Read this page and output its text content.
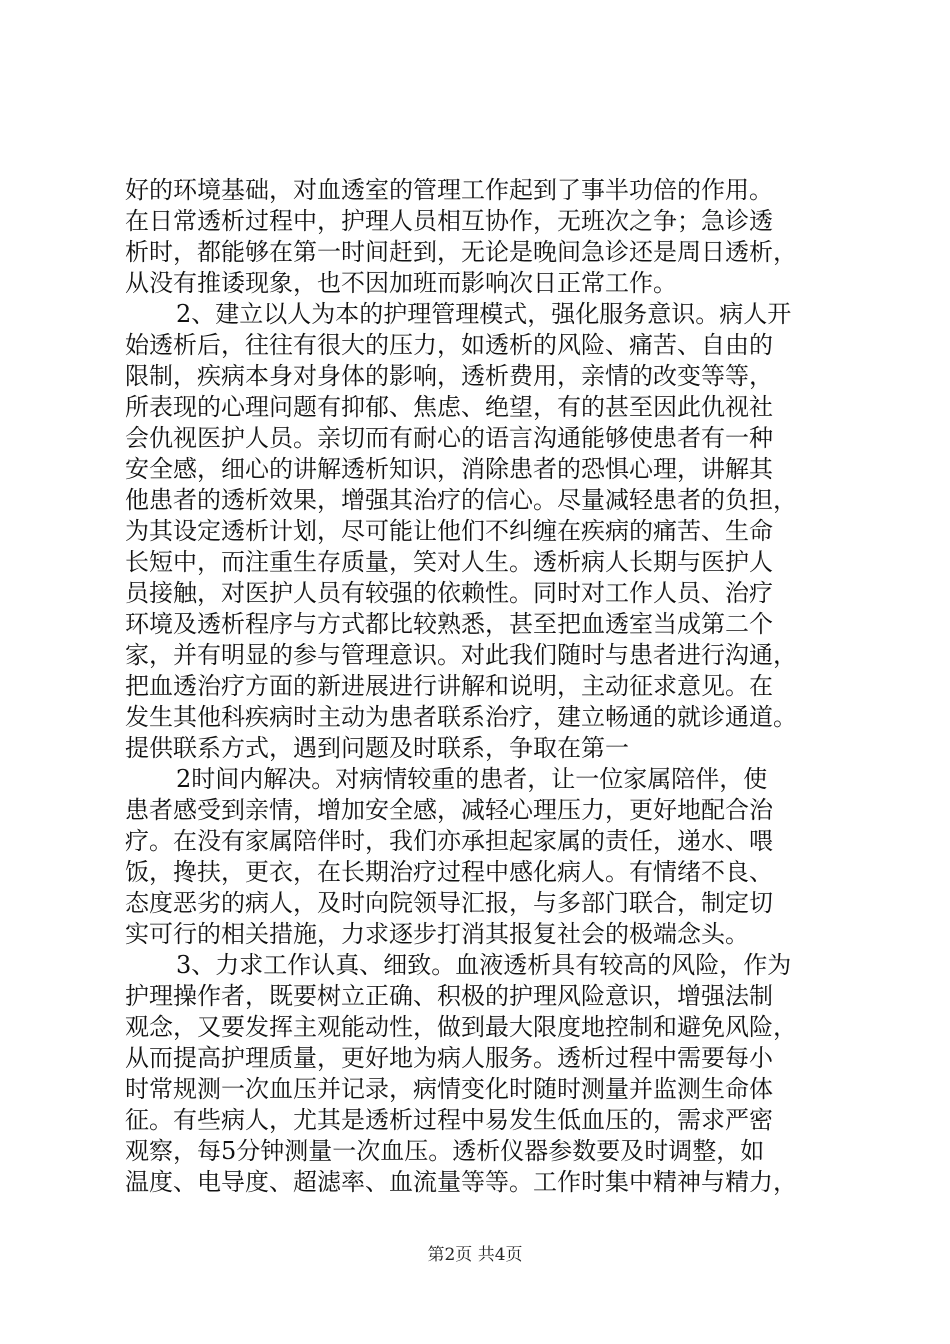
好的环境基础，对血透室的管理工作起到了事半功倍的作用。
在日常透析过程中，护理人员相互协作，无班次之争；急诊透
析时，都能够在第一时间赶到，无论是晚间急诊还是周日透析，
从没有推诿现象，也不因加班而影响次日正常工作。
2、建立以人为本的护理管理模式，强化服务意识。病人开
始透析后，往往有很大的压力，如透析的风险、痛苦、自由的
限制，疾病本身对身体的影响，透析费用，亲情的改变等等，
所表现的心理问题有抑郁、焦虑、绝望，有的甚至因此仇视社
会仇视医护人员。亲切而有耐心的语言沟通能够使患者有一种
安全感，细心的讲解透析知识，消除患者的恐惧心理，讲解其
他患者的透析效果，增强其治疗的信心。尽量减轻患者的负担，
为其设定透析计划，尽可能让他们不纠缠在疾病的痛苦、生命
长短中，而注重生存质量，笑对人生。透析病人长期与医护人
员接触，对医护人员有较强的依赖性。同时对工作人员、治疗
环境及透析程序与方式都比较熟悉，甚至把血透室当成第二个
家，并有明显的参与管理意识。对此我们随时与患者进行沟通，
把血透治疗方面的新进展进行讲解和说明，主动征求意见。在
发生其他科疾病时主动为患者联系治疗，建立畅通的就诊通道。
提供联系方式，遇到问题及时联系，争取在第一
2时间内解决。对病情较重的患者，让一位家属陪伴，使
患者感受到亲情，增加安全感，减轻心理压力，更好地配合治
疗。在没有家属陪伴时，我们亦承担起家属的责任，递水、喂
饭，搀扶，更衣，在长期治疗过程中感化病人。有情绪不良、
态度恶劣的病人，及时向院领导汇报，与多部门联合，制定切
实可行的相关措施，力求逐步打消其报复社会的极端念头。
3、力求工作认真、细致。血液透析具有较高的风险，作为
护理操作者，既要树立正确、积极的护理风险意识，增强法制
观念，又要发挥主观能动性，做到最大限度地控制和避免风险，
从而提高护理质量，更好地为病人服务。透析过程中需要每小
时常规测一次血压并记录，病情变化时随时测量并监测生命体
征。有些病人，尤其是透析过程中易发生低血压的，需求严密
观察，每5分钟测量一次血压。透析仪器参数要及时调整，如
温度、电导度、超滤率、血流量等等。工作时集中精神与精力，
第2页 共4页
